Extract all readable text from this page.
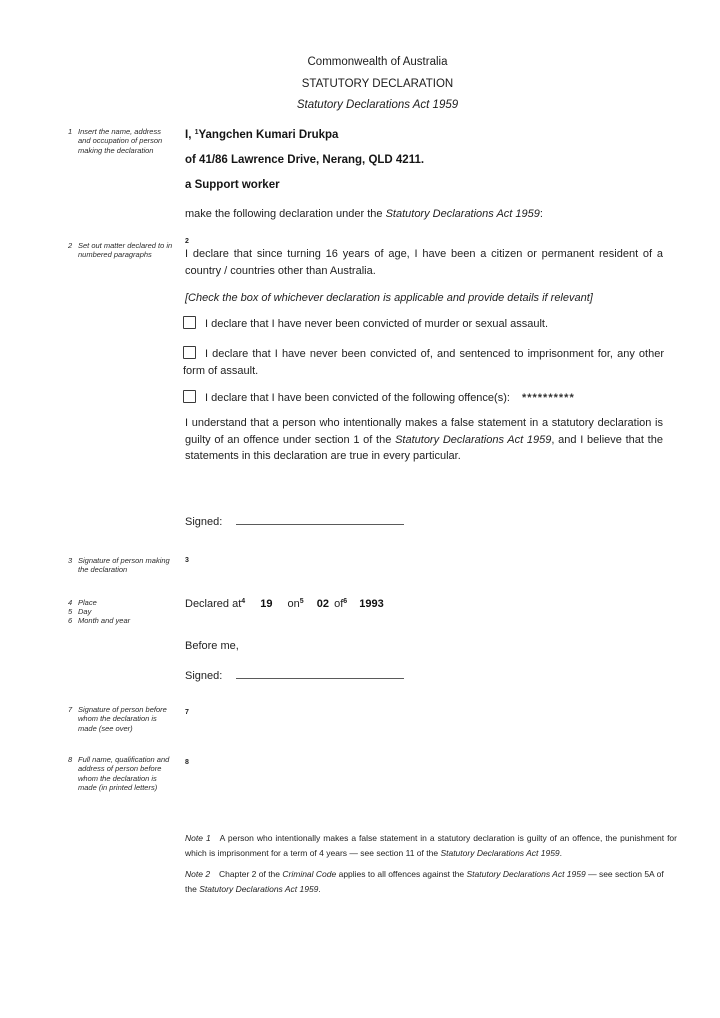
Commonwealth of Australia
STATUTORY DECLARATION
Statutory Declarations Act 1959
1 Insert the name, address and occupation of person making the declaration
I, $^1$Yangchen Kumari Drukpa
of 41/86 Lawrence Drive, Nerang, QLD 4211.
a Support worker
make the following declaration under the Statutory Declarations Act 1959:
2 Set out matter declared to in numbered paragraphs
$^2$
I declare that since turning 16 years of age, I have been a citizen or permanent resident of a country / countries other than Australia.
[Check the box of whichever declaration is applicable and provide details if relevant]
I declare that I have never been convicted of murder or sexual assault.
I declare that I have never been convicted of, and sentenced to imprisonment for, any other form of assault.
I declare that I have been convicted of the following offence(s): **********
I understand that a person who intentionally makes a false statement in a statutory declaration is guilty of an offence under section 1 of the Statutory Declarations Act 1959, and I believe that the statements in this declaration are true in every particular.
Signed:
$^3$
3 Signature of person making the declaration
4 Place
5 Day
6 Month and year
Declared at$^4$ 19 on$^5$ 02 of$^6$ 1993
Before me,
Signed:
$^7$
7 Signature of person before whom the declaration is made (see over)
$^8$
8 Full name, qualification and address of person before whom the declaration is made (in printed letters)

Note 1 A person who intentionally makes a false statement in a statutory declaration is guilty of an offence, the punishment for which is imprisonment for a term of 4 years — see section 11 of the Statutory Declarations Act 1959.

Note 2 Chapter 2 of the Criminal Code applies to all offences against the Statutory Declarations Act 1959 — see section 5A of the Statutory Declarations Act 1959.
